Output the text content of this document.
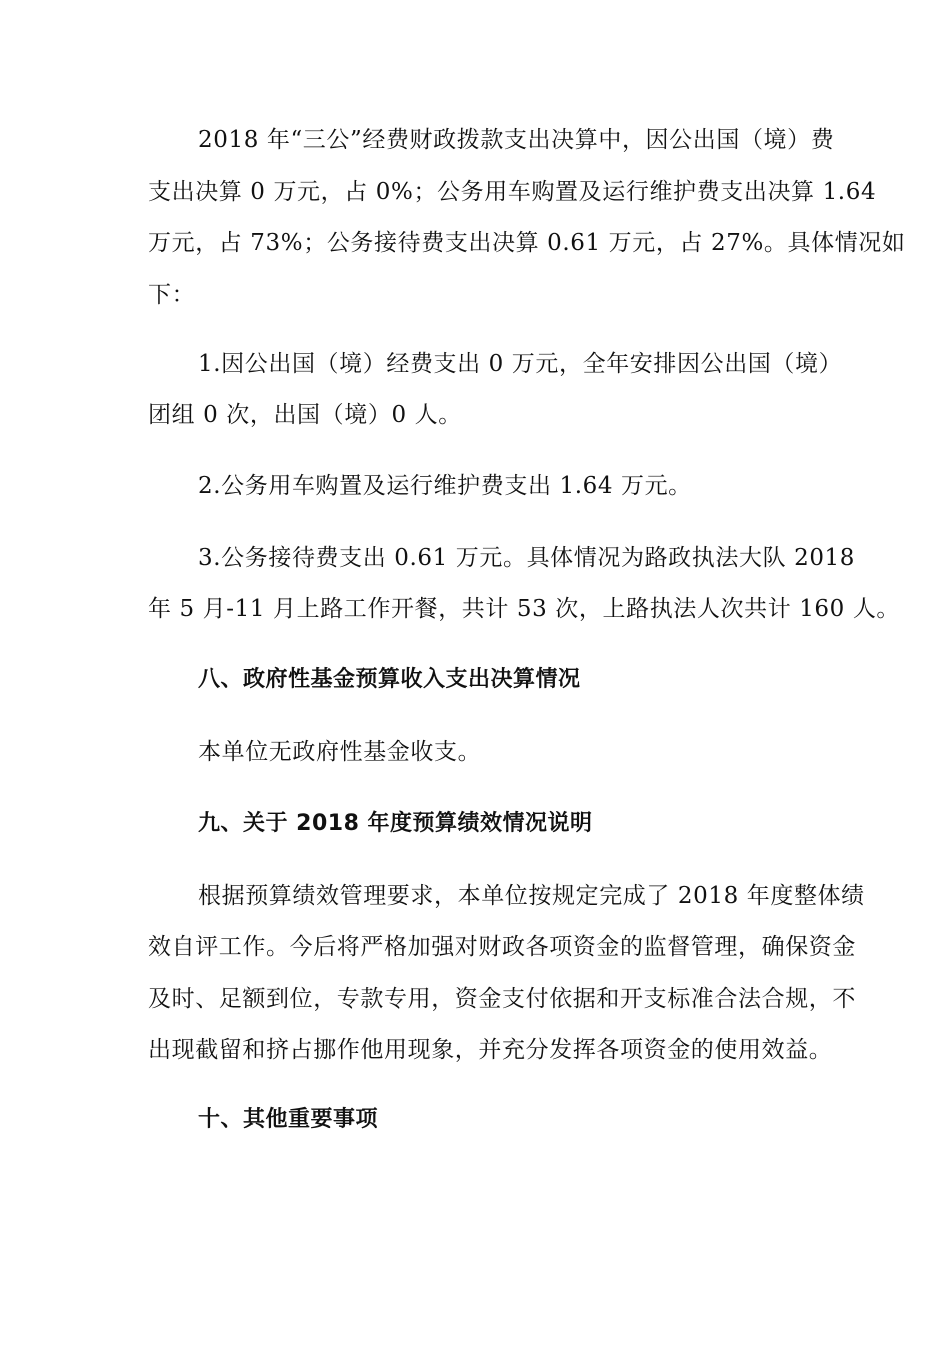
2018 年“三公”经费财政拨款支出决算中，因公出国（境）费
支出决算 0 万元，占 0%；公务用车购置及运行维护费支出决算 1.64
万元，占 73%；公务接待费支出决算 0.61 万元，占 27%。具体情况如
下：
1.因公出国（境）经费支出 0 万元，全年安排因公出国（境）
团组 0 次，出国（境）0 人。
2.公务用车购置及运行维护费支出 1.64 万元。
3.公务接待费支出 0.61 万元。具体情况为路政执法大队 2018
年 5 月-11 月上路工作开餐，共计 53 次，上路执法人次共计 160 人。
八、政府性基金预算收入支出决算情况
本单位无政府性基金收支。
九、关于 2018 年度预算绩效情况说明
根据预算绩效管理要求，本单位按规定完成了 2018 年度整体绩
效自评工作。今后将严格加强对财政各项资金的监督管理，确保资金
及时、足额到位，专款专用，资金支付依据和开支标准合法合规，不
出现截留和挤占挪作他用现象，并充分发挥各项资金的使用效益。
十、其他重要事项
